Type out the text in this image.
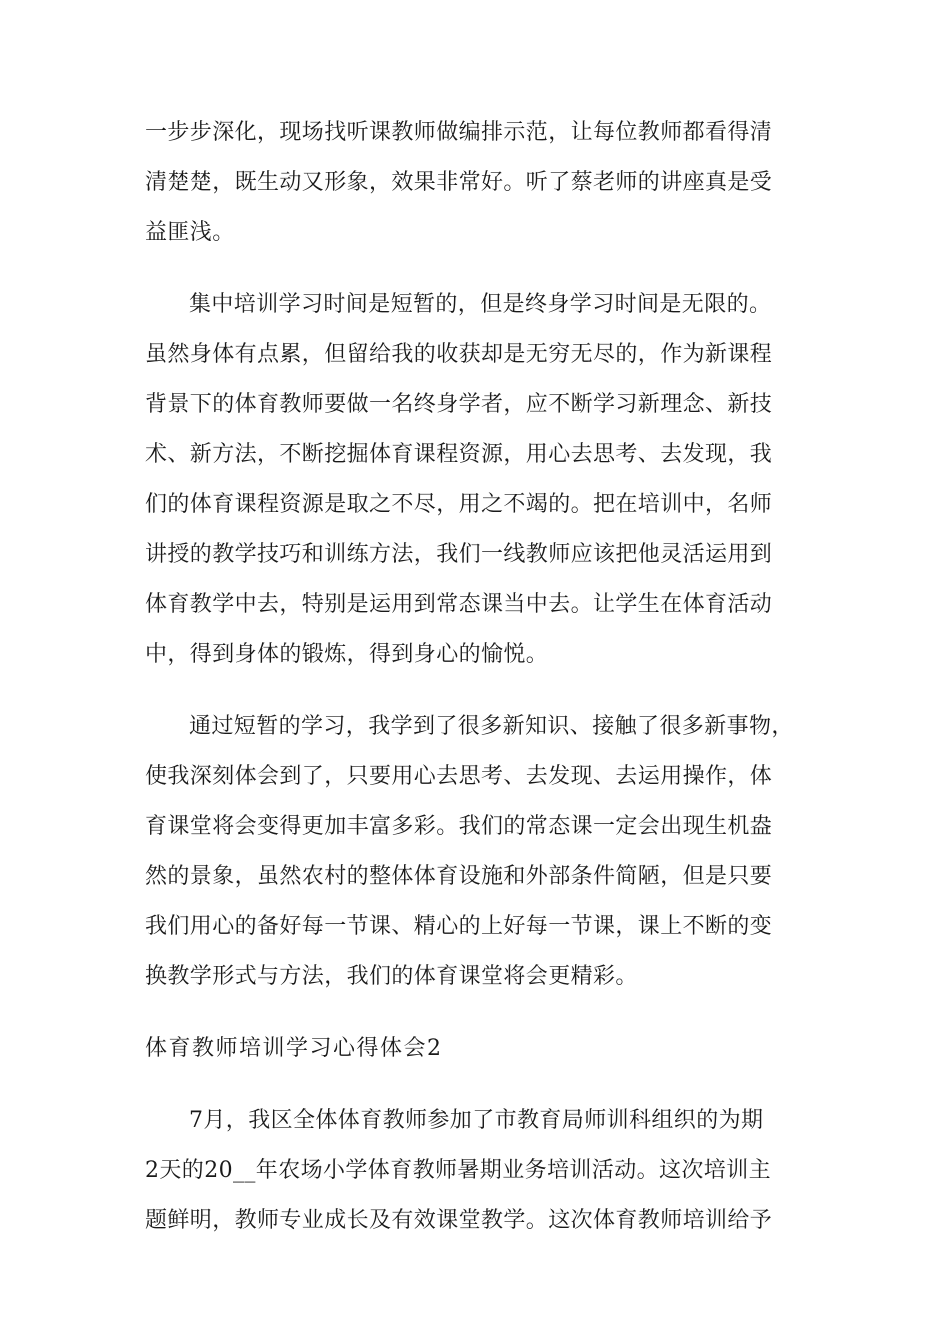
一步步深化，现场找听课教师做编排示范，让每位教师都看得清
清楚楚，既生动又形象，效果非常好。听了蔡老师的讲座真是受
益匪浅。

集中培训学习时间是短暂的，但是终身学习时间是无限的。
虽然身体有点累，但留给我的收获却是无穷无尽的，作为新课程
背景下的体育教师要做一名终身学者，应不断学习新理念、新技
术、新方法，不断挖掘体育课程资源，用心去思考、去发现，我
们的体育课程资源是取之不尽，用之不竭的。把在培训中，名师
讲授的教学技巧和训练方法，我们一线教师应该把他灵活运用到
体育教学中去，特别是运用到常态课当中去。让学生在体育活动
中，得到身体的锻炼，得到身心的愉悦。

通过短暂的学习，我学到了很多新知识、接触了很多新事物，
使我深刻体会到了，只要用心去思考、去发现、去运用操作，体
育课堂将会变得更加丰富多彩。我们的常态课一定会出现生机盎
然的景象，虽然农村的整体体育设施和外部条件简陋，但是只要
我们用心的备好每一节课、精心的上好每一节课，课上不断的变
换教学形式与方法，我们的体育课堂将会更精彩。

体育教师培训学习心得体会2

7月，我区全体体育教师参加了市教育局师训科组织的为期
2天的20__年农场小学体育教师暑期业务培训活动。这次培训主
题鲜明，教师专业成长及有效课堂教学。这次体育教师培训给予
